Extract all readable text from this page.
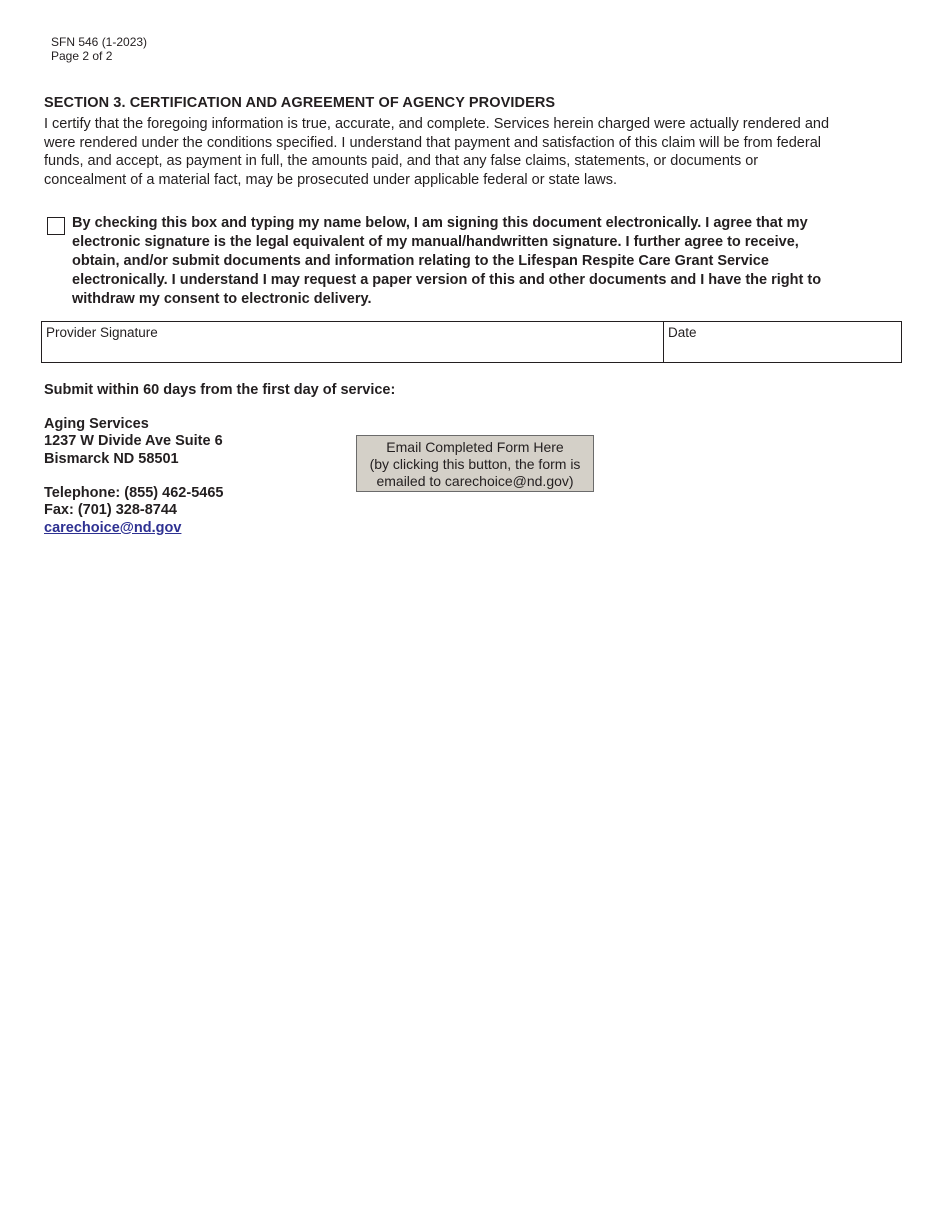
SFN 546 (1-2023)
Page 2 of 2
SECTION 3. CERTIFICATION AND AGREEMENT OF AGENCY PROVIDERS
I certify that the foregoing information is true, accurate, and complete. Services herein charged were actually rendered and
were rendered under the conditions specified. I understand that payment and satisfaction of this claim will be from federal
funds, and accept, as payment in full, the amounts paid, and that any false claims, statements, or documents or
concealment of a material fact, may be prosecuted under applicable federal or state laws.
By checking this box and typing my name below, I am signing this document electronically. I agree that my
electronic signature is the legal equivalent of my manual/handwritten signature. I further agree to receive,
obtain, and/or submit documents and information relating to the Lifespan Respite Care Grant Service
electronically. I understand I may request a paper version of this and other documents and I have the right to
withdraw my consent to electronic delivery.
Provider Signature	Date
Submit within 60 days from the first day of service:
Aging Services
1237 W Divide Ave Suite 6
Bismarck ND 58501
Telephone: (855) 462-5465
Fax: (701) 328-8744
carechoice@nd.gov
Email Completed Form Here
(by clicking this button, the form is
emailed to carechoice@nd.gov)
